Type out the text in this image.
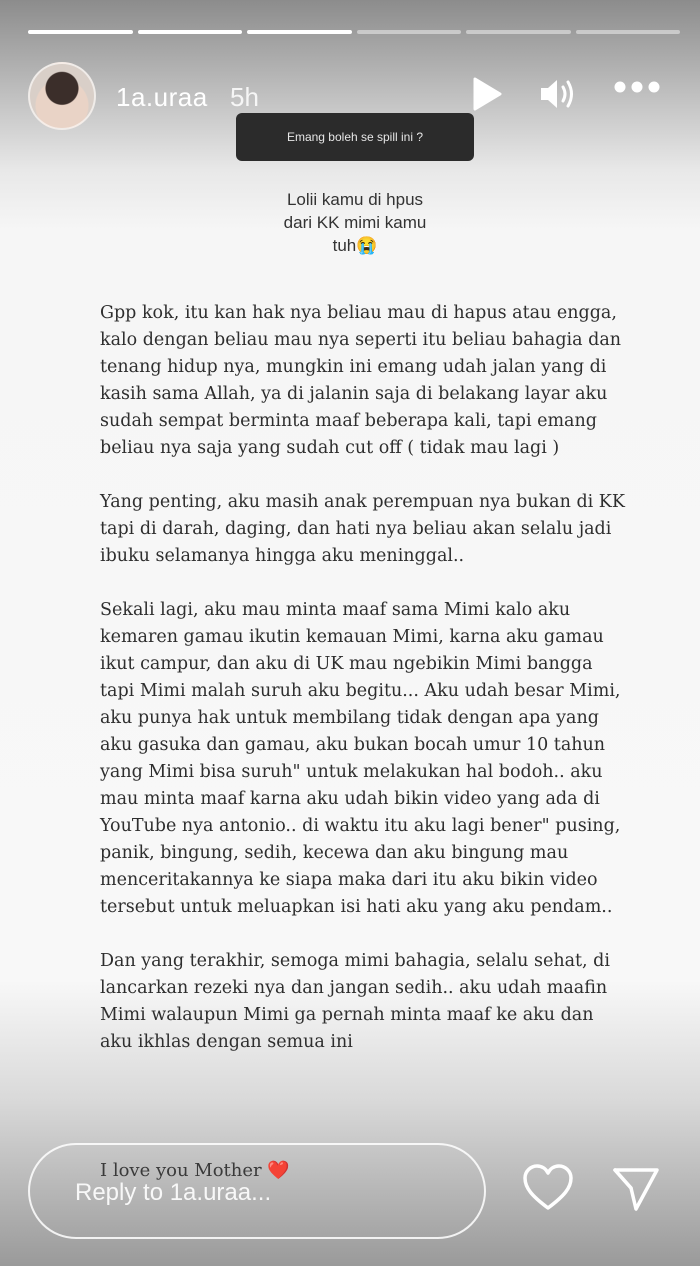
1a.uraa 5h
Emang boleh se spill ini ?
Lolii kamu di hpus
dari KK mimi kamu
tuh😭

Gpp kok, itu kan hak nya beliau mau di hapus atau engga, kalo dengan beliau mau nya seperti itu beliau bahagia dan tenang hidup nya, mungkin ini emang udah jalan yang di kasih sama Allah, ya di jalanin saja di belakang layar aku sudah sempat berminta maaf beberapa kali, tapi emang beliau nya saja yang sudah cut off ( tidak mau lagi )

Yang penting, aku masih anak perempuan nya bukan di KK tapi di darah, daging, dan hati nya beliau akan selalu jadi ibuku selamanya hingga aku meninggal..

Sekali lagi, aku mau minta maaf sama Mimi kalo aku kemaren gamau ikutin kemauan Mimi, karna aku gamau ikut campur, dan aku di UK mau ngebikin Mimi bangga tapi Mimi malah suruh aku begitu... Aku udah besar Mimi, aku punya hak untuk membilang tidak dengan apa yang aku gasuka dan gamau, aku bukan bocah umur 10 tahun yang Mimi bisa suruh" untuk melakukan hal bodoh.. aku mau minta maaf karna aku udah bikin video yang ada di YouTube nya antonio.. di waktu itu aku lagi bener" pusing, panik, bingung, sedih, kecewa dan aku bingung mau menceritakannya ke siapa maka dari itu aku bikin video tersebut untuk meluapkan isi hati aku yang aku pendam..

Dan yang terakhir, semoga mimi bahagia, selalu sehat, di lancarkan rezeki nya dan jangan sedih.. aku udah maafin Mimi walaupun Mimi ga pernah minta maaf ke aku dan aku ikhlas dengan semua ini

I love you Mother ❤️
Reply to 1a.uraa...
